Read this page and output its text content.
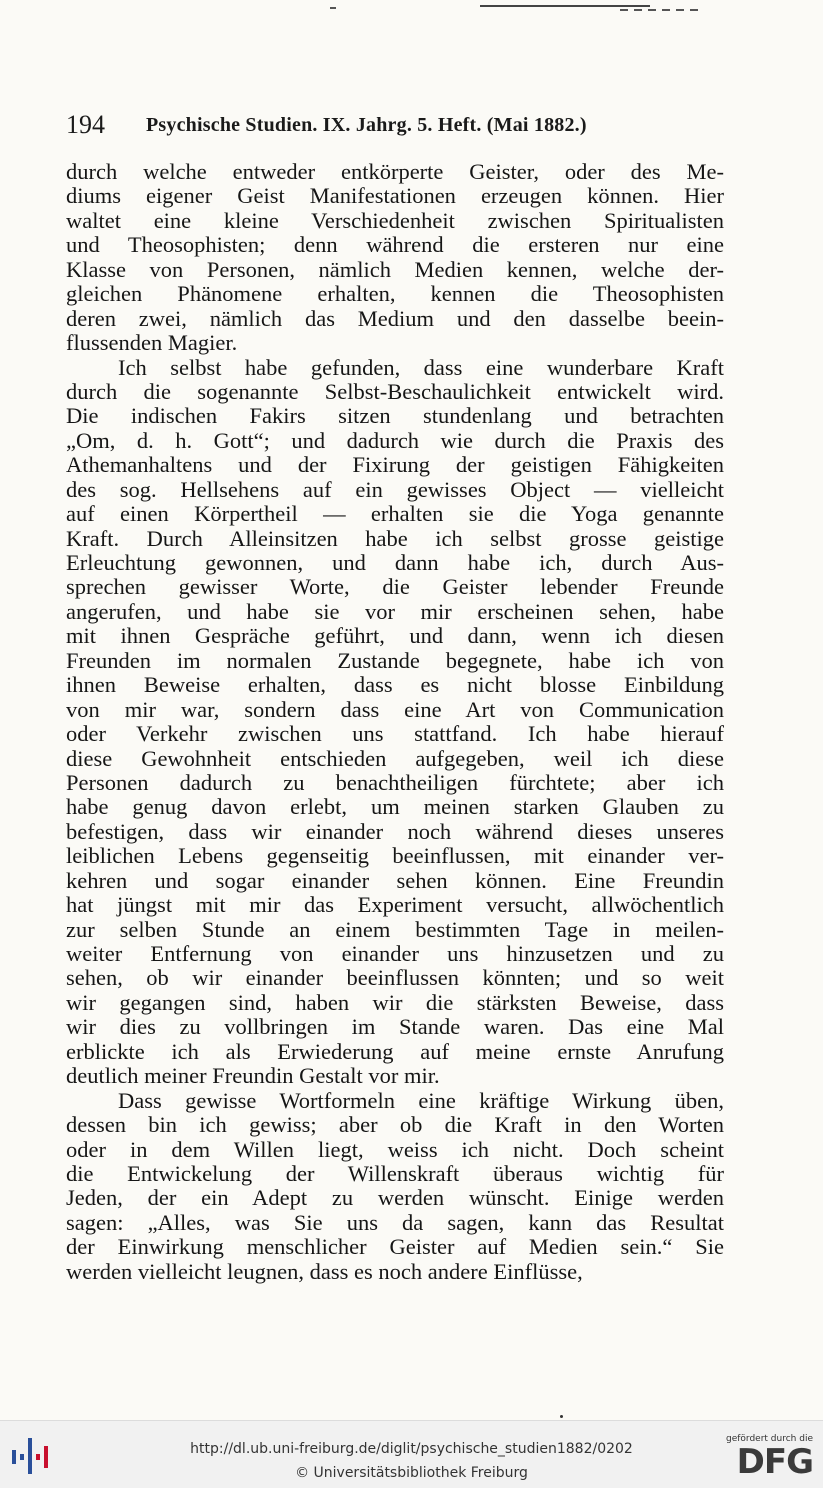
194 Psychische Studien. IX. Jahrg. 5. Heft. (Mai 1882.)
durch welche entweder entkörperte Geister, oder des Me-
diums eigener Geist Manifestationen erzeugen können. Hier
waltet eine kleine Verschiedenheit zwischen Spiritualisten
und Theosophisten; denn während die ersteren nur eine
Klasse von Personen, nämlich Medien kennen, welche der-
gleichen Phänomene erhalten, kennen die Theosophisten
deren zwei, nämlich das Medium und den dasselbe beein-
flussenden Magier.
Ich selbst habe gefunden, dass eine wunderbare Kraft
durch die sogenannte Selbst-Beschaulichkeit entwickelt wird.
Die indischen Fakirs sitzen stundenlang und betrachten
„Om, d. h. Gott“; und dadurch wie durch die Praxis des
Athemanhaltens und der Fixirung der geistigen Fähigkeiten
des sog. Hellsehens auf ein gewisses Object — vielleicht
auf einen Körpertheil — erhalten sie die Yoga genannte
Kraft. Durch Alleinsitzen habe ich selbst grosse geistige
Erleuchtung gewonnen, und dann habe ich, durch Aus-
sprechen gewisser Worte, die Geister lebender Freunde
angerufen, und habe sie vor mir erscheinen sehen, habe
mit ihnen Gespräche geführt, und dann, wenn ich diesen
Freunden im normalen Zustande begegnete, habe ich von
ihnen Beweise erhalten, dass es nicht blosse Einbildung
von mir war, sondern dass eine Art von Communication
oder Verkehr zwischen uns stattfand. Ich habe hierauf
diese Gewohnheit entschieden aufgegeben, weil ich diese
Personen dadurch zu benachtheiligen fürchtete; aber ich
habe genug davon erlebt, um meinen starken Glauben zu
befestigen, dass wir einander noch während dieses unseres
leiblichen Lebens gegenseitig beeinflussen, mit einander ver-
kehren und sogar einander sehen können. Eine Freundin
hat jüngst mit mir das Experiment versucht, allwöchentlich
zur selben Stunde an einem bestimmten Tage in meilen-
weiter Entfernung von einander uns hinzusetzen und zu
sehen, ob wir einander beeinflussen könnten; und so weit
wir gegangen sind, haben wir die stärksten Beweise, dass
wir dies zu vollbringen im Stande waren. Das eine Mal
erblickte ich als Erwiederung auf meine ernste Anrufung
deutlich meiner Freundin Gestalt vor mir.
Dass gewisse Wortformeln eine kräftige Wirkung üben,
dessen bin ich gewiss; aber ob die Kraft in den Worten
oder in dem Willen liegt, weiss ich nicht. Doch scheint
die Entwickelung der Willenskraft überaus wichtig für
Jeden, der ein Adept zu werden wünscht. Einige werden
sagen: „Alles, was Sie uns da sagen, kann das Resultat
der Einwirkung menschlicher Geister auf Medien sein.“ Sie
werden vielleicht leugnen, dass es noch andere Einflüsse,
http://dl.ub.uni-freiburg.de/diglit/psychische_studien1882/0202
© Universitätsbibliothek Freiburg
gefördert durch die
DFG
